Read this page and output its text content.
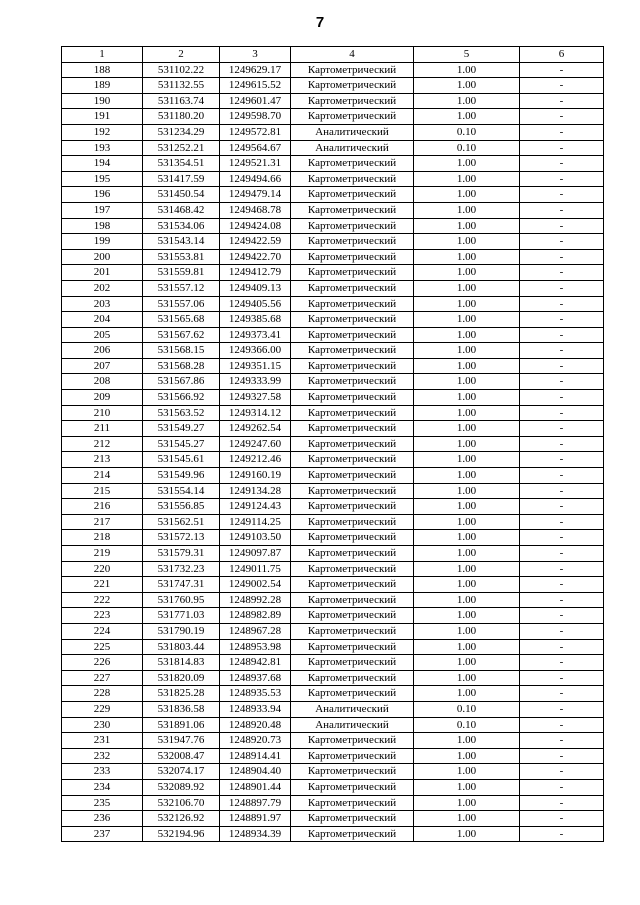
7
1	2	3	4	5	6
188	531102.22	1249629.17	Картометрический	1.00	-
189	531132.55	1249615.52	Картометрический	1.00	-
190	531163.74	1249601.47	Картометрический	1.00	-
191	531180.20	1249598.70	Картометрический	1.00	-
192	531234.29	1249572.81	Аналитический	0.10	-
193	531252.21	1249564.67	Аналитический	0.10	-
194	531354.51	1249521.31	Картометрический	1.00	-
195	531417.59	1249494.66	Картометрический	1.00	-
196	531450.54	1249479.14	Картометрический	1.00	-
197	531468.42	1249468.78	Картометрический	1.00	-
198	531534.06	1249424.08	Картометрический	1.00	-
199	531543.14	1249422.59	Картометрический	1.00	-
200	531553.81	1249422.70	Картометрический	1.00	-
201	531559.81	1249412.79	Картометрический	1.00	-
202	531557.12	1249409.13	Картометрический	1.00	-
203	531557.06	1249405.56	Картометрический	1.00	-
204	531565.68	1249385.68	Картометрический	1.00	-
205	531567.62	1249373.41	Картометрический	1.00	-
206	531568.15	1249366.00	Картометрический	1.00	-
207	531568.28	1249351.15	Картометрический	1.00	-
208	531567.86	1249333.99	Картометрический	1.00	-
209	531566.92	1249327.58	Картометрический	1.00	-
210	531563.52	1249314.12	Картометрический	1.00	-
211	531549.27	1249262.54	Картометрический	1.00	-
212	531545.27	1249247.60	Картометрический	1.00	-
213	531545.61	1249212.46	Картометрический	1.00	-
214	531549.96	1249160.19	Картометрический	1.00	-
215	531554.14	1249134.28	Картометрический	1.00	-
216	531556.85	1249124.43	Картометрический	1.00	-
217	531562.51	1249114.25	Картометрический	1.00	-
218	531572.13	1249103.50	Картометрический	1.00	-
219	531579.31	1249097.87	Картометрический	1.00	-
220	531732.23	1249011.75	Картометрический	1.00	-
221	531747.31	1249002.54	Картометрический	1.00	-
222	531760.95	1248992.28	Картометрический	1.00	-
223	531771.03	1248982.89	Картометрический	1.00	-
224	531790.19	1248967.28	Картометрический	1.00	-
225	531803.44	1248953.98	Картометрический	1.00	-
226	531814.83	1248942.81	Картометрический	1.00	-
227	531820.09	1248937.68	Картометрический	1.00	-
228	531825.28	1248935.53	Картометрический	1.00	-
229	531836.58	1248933.94	Аналитический	0.10	-
230	531891.06	1248920.48	Аналитический	0.10	-
231	531947.76	1248920.73	Картометрический	1.00	-
232	532008.47	1248914.41	Картометрический	1.00	-
233	532074.17	1248904.40	Картометрический	1.00	-
234	532089.92	1248901.44	Картометрический	1.00	-
235	532106.70	1248897.79	Картометрический	1.00	-
236	532126.92	1248891.97	Картометрический	1.00	-
237	532194.96	1248934.39	Картометрический	1.00	-
